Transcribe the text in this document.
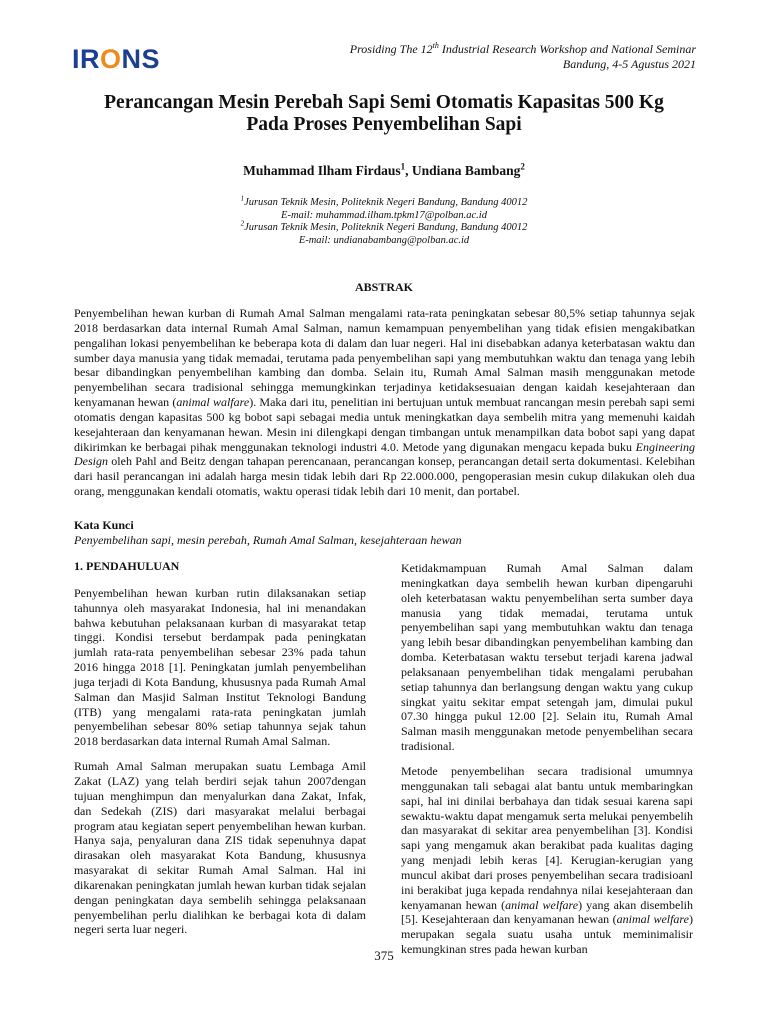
IRONS	Prosiding The 12th Industrial Research Workshop and National Seminar
Bandung, 4-5 Agustus 2021
Perancangan Mesin Perebah Sapi Semi Otomatis Kapasitas 500 Kg
Pada Proses Penyembelihan Sapi
Muhammad Ilham Firdaus$^1$, Undiana Bambang$^2$
$^1$Jurusan Teknik Mesin, Politeknik Negeri Bandung, Bandung 40012
E-mail: muhammad.ilham.tpkm17@polban.ac.id
$^2$Jurusan Teknik Mesin, Politeknik Negeri Bandung, Bandung 40012
E-mail: undianabambang@polban.ac.id
ABSTRAK
Penyembelihan hewan kurban di Rumah Amal Salman mengalami rata-rata peningkatan sebesar 80,5% setiap tahunnya sejak 2018 berdasarkan data internal Rumah Amal Salman, namun kemampuan penyembelihan yang tidak efisien mengakibatkan pengalihan lokasi penyembelihan ke beberapa kota di dalam dan luar negeri. Hal ini disebabkan adanya keterbatasan waktu dan sumber daya manusia yang tidak memadai, terutama pada penyembelihan sapi yang membutuhkan waktu dan tenaga yang lebih besar dibandingkan penyembelihan kambing dan domba. Selain itu, Rumah Amal Salman masih menggunakan metode penyembelihan secara tradisional sehingga memungkinkan terjadinya ketidaksesuaian dengan kaidah kesejahteraan dan kenyamanan hewan (animal walfare). Maka dari itu, penelitian ini bertujuan untuk membuat rancangan mesin perebah sapi semi otomatis dengan kapasitas 500 kg bobot sapi sebagai media untuk meningkatkan daya sembelih mitra yang memenuhi kaidah kesejahteraan dan kenyamanan hewan. Mesin ini dilengkapi dengan timbangan untuk menampilkan data bobot sapi yang dapat dikirimkan ke berbagai pihak menggunakan teknologi industri 4.0. Metode yang digunakan mengacu kepada buku Engineering Design oleh Pahl and Beitz dengan tahapan perencanaan, perancangan konsep, perancangan detail serta dokumentasi. Kelebihan dari hasil perancangan ini adalah harga mesin tidak lebih dari Rp 22.000.000, pengoperasian mesin cukup dilakukan oleh dua orang, menggunakan kendali otomatis, waktu operasi tidak lebih dari 10 menit, dan portabel.
Kata Kunci
Penyembelihan sapi, mesin perebah, Rumah Amal Salman, kesejahteraan hewan
1. PENDAHULUAN

Penyembelihan hewan kurban rutin dilaksanakan setiap tahunnya oleh masyarakat Indonesia, hal ini menandakan bahwa kebutuhan pelaksanaan kurban di masyarakat tetap tinggi. Kondisi tersebut berdampak pada peningkatan jumlah rata-rata penyembelihan sebesar 23% pada tahun 2016 hingga 2018 [1]. Peningkatan jumlah penyembelihan juga terjadi di Kota Bandung, khususnya pada Rumah Amal Salman dan Masjid Salman Institut Teknologi Bandung (ITB) yang mengalami rata-rata peningkatan jumlah penyembelihan sebesar 80% setiap tahunnya sejak tahun 2018 berdasarkan data internal Rumah Amal Salman.

Rumah Amal Salman merupakan suatu Lembaga Amil Zakat (LAZ) yang telah berdiri sejak tahun 2007dengan tujuan menghimpun dan menyalurkan dana Zakat, Infak, dan Sedekah (ZIS) dari masyarakat melalui berbagai program atau kegiatan sepert penyembelihan hewan kurban. Hanya saja, penyaluran dana ZIS tidak sepenuhnya dapat dirasakan oleh masyarakat Kota Bandung, khususnya masyarakat di sekitar Rumah Amal Salman. Hal ini dikarenakan peningkatan jumlah hewan kurban tidak sejalan dengan peningkatan daya sembelih sehingga pelaksanaan penyembelihan perlu dialihkan ke berbagai kota di dalam negeri serta luar negeri.

Ketidakmampuan Rumah Amal Salman dalam meningkatkan daya sembelih hewan kurban dipengaruhi oleh keterbatasan waktu penyembelihan serta sumber daya manusia yang tidak memadai, terutama untuk penyembelihan sapi yang membutuhkan waktu dan tenaga yang lebih besar dibandingkan penyembelihan kambing dan domba. Keterbatasan waktu tersebut terjadi karena jadwal pelaksanaan penyembelihan tidak mengalami perubahan setiap tahunnya dan berlangsung dengan waktu yang cukup singkat yaitu sekitar empat setengah jam, dimulai pukul 07.30 hingga pukul 12.00 [2]. Selain itu, Rumah Amal Salman masih menggunakan metode penyembelihan secara tradisional.

Metode penyembelihan secara tradisional umumnya menggunakan tali sebagai alat bantu untuk membaringkan sapi, hal ini dinilai berbahaya dan tidak sesuai karena sapi sewaktu-waktu dapat mengamuk serta melukai penyembelih dan masyarakat di sekitar area penyembelihan [3]. Kondisi sapi yang mengamuk akan berakibat pada kualitas daging yang menjadi lebih keras [4]. Kerugian-kerugian yang muncul akibat dari proses penyembelihan secara tradisioanl ini berakibat juga kepada rendahnya nilai kesejahteraan dan kenyamanan hewan (animal welfare) yang akan disembelih [5]. Kesejahteraan dan kenyamanan hewan (animal welfare) merupakan segala suatu usaha untuk meminimalisir kemungkinan stres pada hewan kurban

375
